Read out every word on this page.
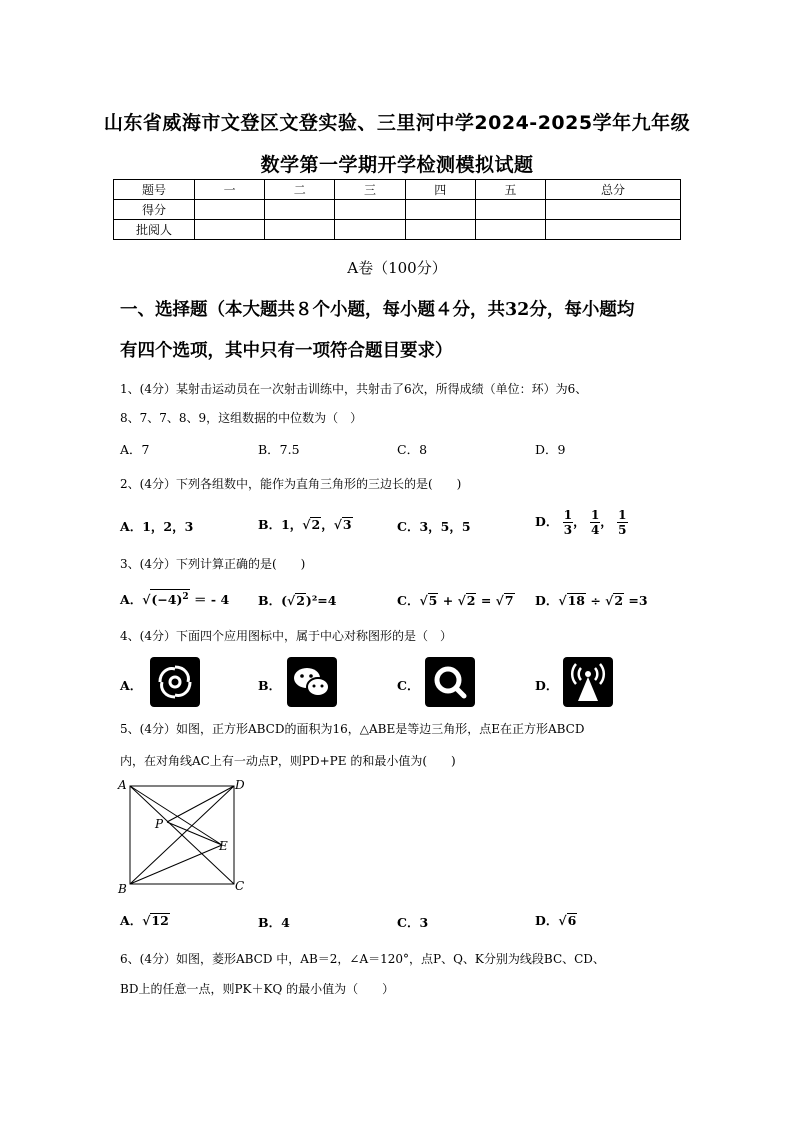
山东省威海市文登区文登实验、三里河中学2024-2025学年九年级
数学第一学期开学检测模拟试题
题号	一	二	三	四	五	总分
得分						
批阅人						
A卷（100分）
一、选择题（本大题共８个小题，每小题４分，共32分，每小题均
有四个选项，其中只有一项符合题目要求）
1、(4分）某射击运动员在一次射击训练中，共射击了6次，所得成绩（单位：环）为6、
8、7、7、8、9，这组数据的中位数为（　）
A．7	B．7.5	C．8	D．9
2、(4分）下列各组数中，能作为直角三角形的三边长的是(　　)
A．1，2，3	B．1，√2，√3	C．3，5，5	D． $\frac{1}{3}$ ， $\frac{1}{4}$ ， $\frac{1}{5}$
3、(4分）下列计算正确的是(　　)
A．$√(-4)^2$ ＝ - 4 B．(√2)²=4	C．√5 + √2 = √7 D．√18 ÷ √2 =3
4、(4分）下面四个应用图标中，属于中心对称图形的是（　）
A．	B．	C．	D．
5、(4分）如图，正方形ABCD的面积为16，△ABE是等边三角形，点E在正方形ABCD
内，在对角线AC上有一动点P，则PD+PE 的和最小值为(　　)
A	D
B	C
P
E
A．√12	B．4	C．3	D．√6
6、(4分）如图，菱形ABCD 中，AB＝2，∠A＝120°，点P、Q、K分别为线段BC、CD、
BD上的任意一点，则PK＋KQ 的最小值为（　　）
